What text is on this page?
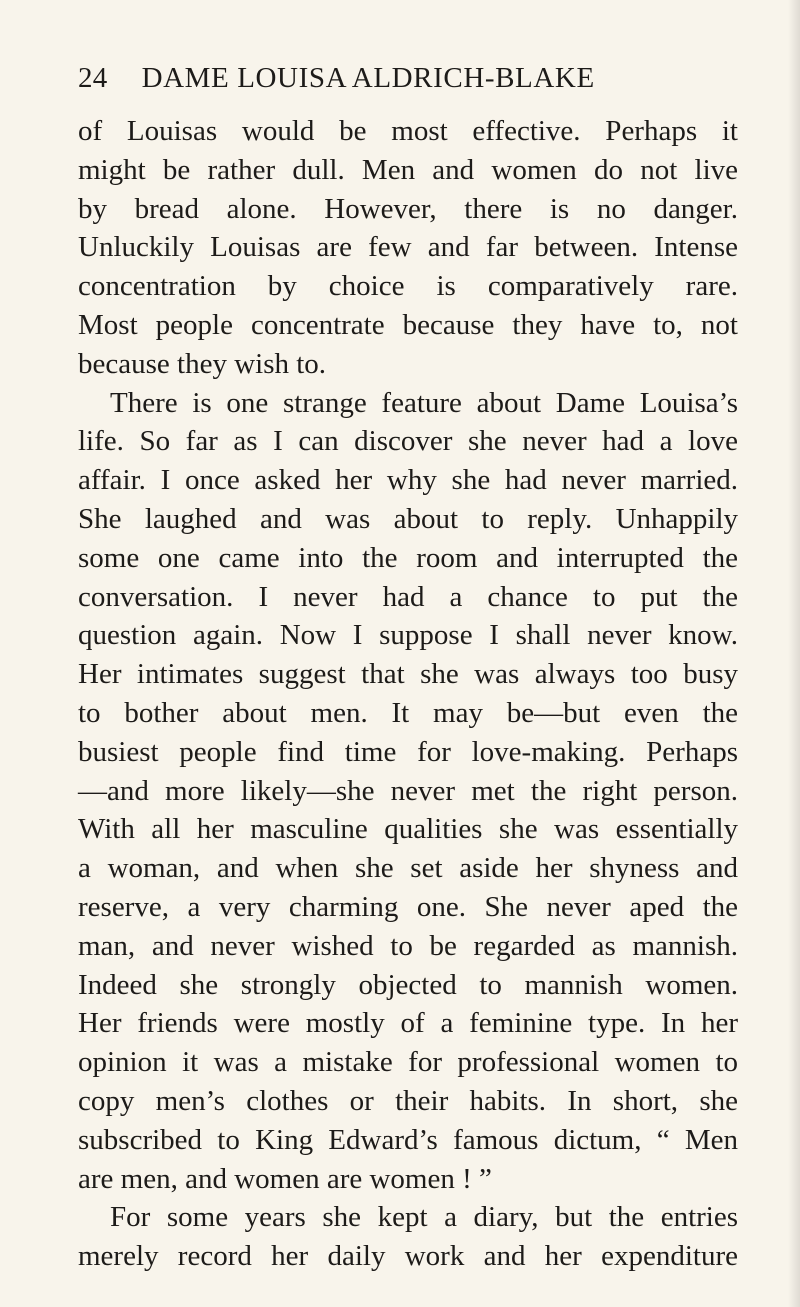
24 DAME LOUISA ALDRICH-BLAKE
of Louisas would be most effective. Perhaps it
might be rather dull. Men and women do not live
by bread alone. However, there is no danger.
Unluckily Louisas are few and far between. Intense
concentration by choice is comparatively rare.
Most people concentrate because they have to, not
because they wish to.
There is one strange feature about Dame Louisa’s
life. So far as I can discover she never had a love
affair. I once asked her why she had never married.
She laughed and was about to reply. Unhappily
some one came into the room and interrupted the
conversation. I never had a chance to put the
question again. Now I suppose I shall never know.
Her intimates suggest that she was always too busy
to bother about men. It may be—but even the
busiest people find time for love-making. Perhaps
—and more likely—she never met the right person.
With all her masculine qualities she was essentially
a woman, and when she set aside her shyness and
reserve, a very charming one. She never aped the
man, and never wished to be regarded as mannish.
Indeed she strongly objected to mannish women.
Her friends were mostly of a feminine type. In her
opinion it was a mistake for professional women to
copy men’s clothes or their habits. In short, she
subscribed to King Edward’s famous dictum, “ Men
are men, and women are women ! ”
For some years she kept a diary, but the entries
merely record her daily work and her expenditure
